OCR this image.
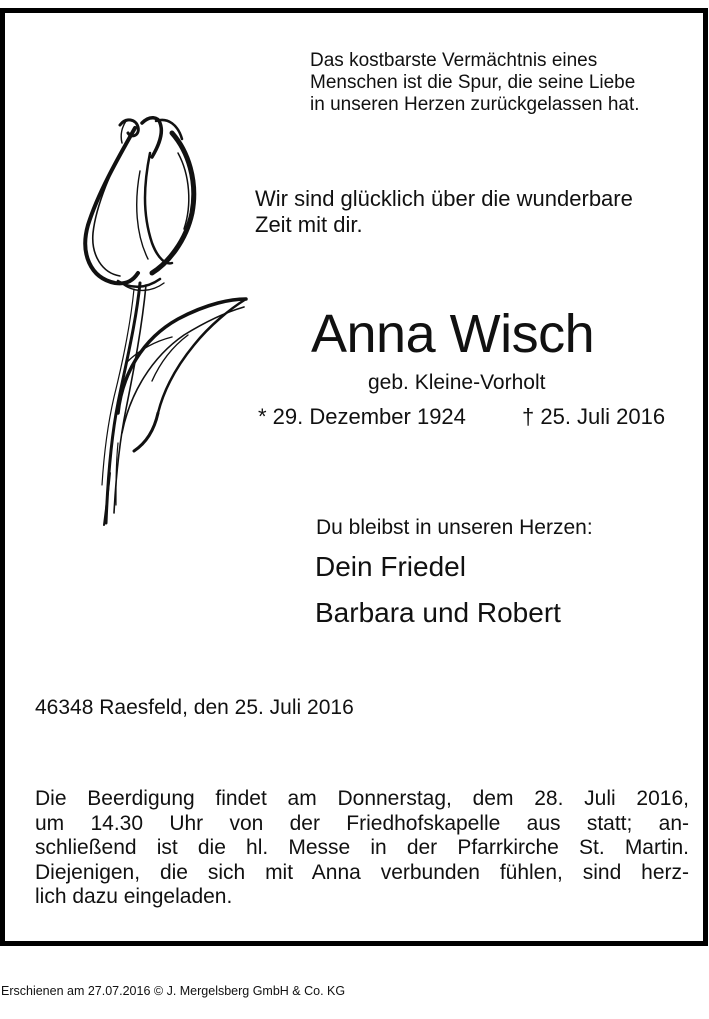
Das kostbarste Vermächtnis eines
Menschen ist die Spur, die seine Liebe
in unseren Herzen zurückgelassen hat.
Wir sind glücklich über die wunderbare
Zeit mit dir.
Anna Wisch
geb. Kleine-Vorholt
* 29. Dezember 1924	† 25. Juli 2016
Du bleibst in unseren Herzen:
Dein Friedel
Barbara und Robert
46348 Raesfeld, den 25. Juli 2016
Die Beerdigung findet am Donnerstag, dem 28. Juli 2016,
um 14.30 Uhr von der Friedhofskapelle aus statt; an-
schließend ist die hl. Messe in der Pfarrkirche St. Martin.
Diejenigen, die sich mit Anna verbunden fühlen, sind herz-
lich dazu eingeladen.
Erschienen am 27.07.2016 © J. Mergelsberg GmbH & Co. KG
